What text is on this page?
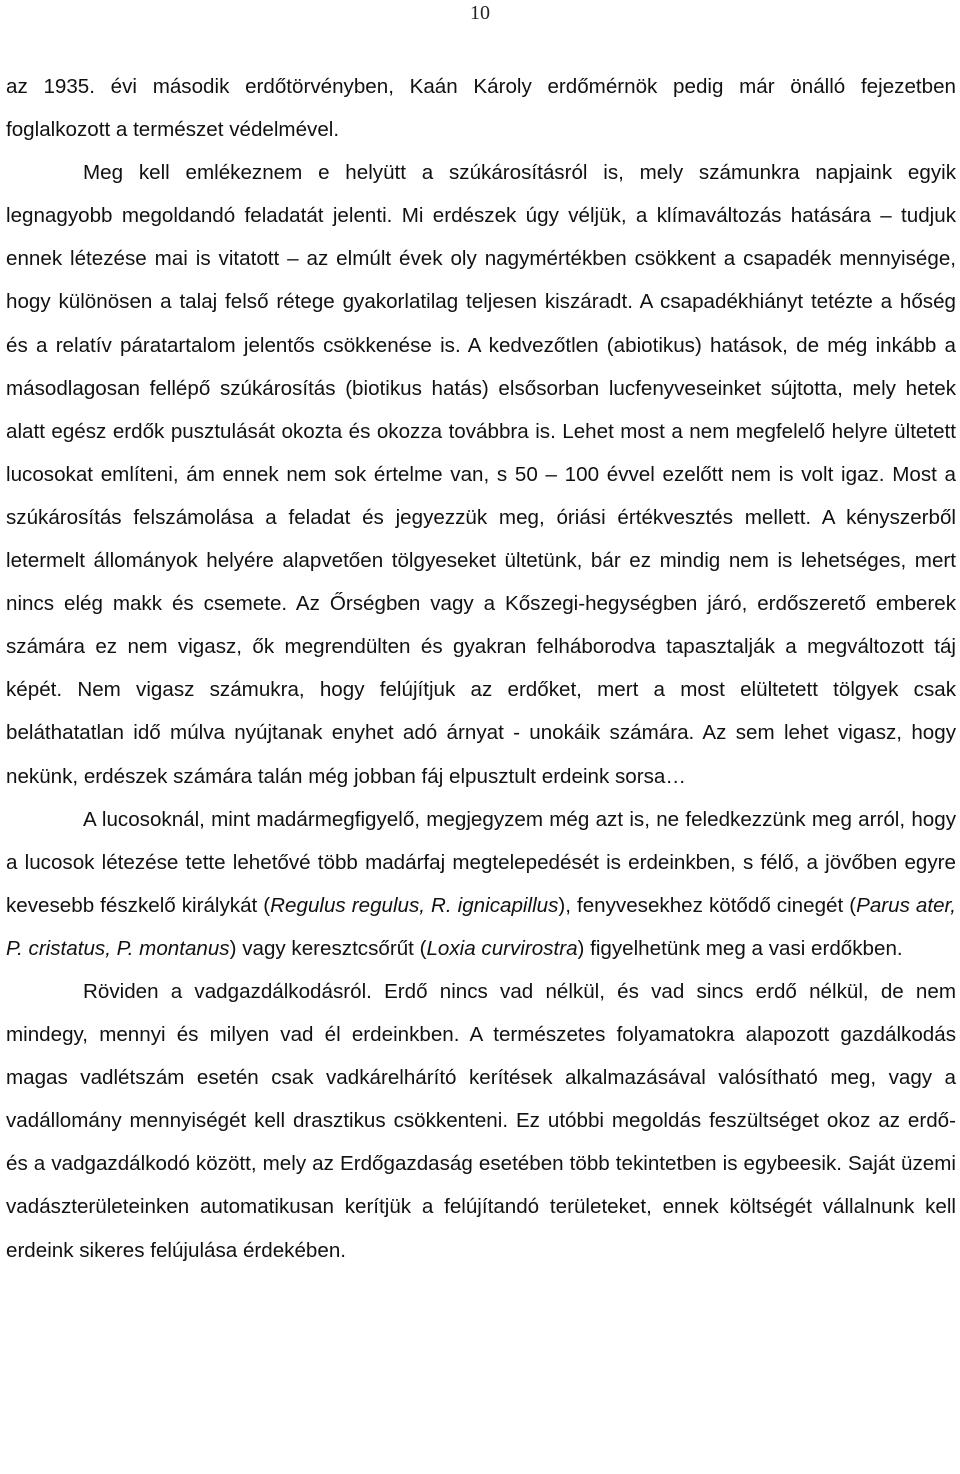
10

az 1935. évi második erdőtörvényben, Kaán Károly erdőmérnök pedig már önálló fejezetben foglalkozott a természet védelmével.

Meg kell emlékeznem e helyütt a szúkárosításról is, mely számunkra napjaink egyik legnagyobb megoldandó feladatát jelenti. Mi erdészek úgy véljük, a klímaváltozás hatására – tudjuk ennek létezése mai is vitatott – az elmúlt évek oly nagymértékben csökkent a csapadék mennyisége, hogy különösen a talaj felső rétege gyakorlatilag teljesen kiszáradt. A csapadékhiányt tetézte a hőség és a relatív páratartalom jelentős csökkenése is. A kedvezőtlen (abiotikus) hatások, de még inkább a másodlagosan fellépő szúkárosítás (biotikus hatás) elsősorban lucfenyveseinket sújtotta, mely hetek alatt egész erdők pusztulását okozta és okozza továbbra is. Lehet most a nem megfelelő helyre ültetett lucosokat említeni, ám ennek nem sok értelme van, s 50 – 100 évvel ezelőtt nem is volt igaz. Most a szúkárosítás felszámolása a feladat és jegyezzük meg, óriási értékvesztés mellett. A kényszerből letermelt állományok helyére alapvetően tölgyeseket ültetünk, bár ez mindig nem is lehetséges, mert nincs elég makk és csemete. Az Őrségben vagy a Kőszegi-hegységben járó, erdőszerető emberek számára ez nem vigasz, ők megrendülten és gyakran felháborodva tapasztalják a megváltozott táj képét. Nem vigasz számukra, hogy felújítjuk az erdőket, mert a most elültetett tölgyek csak beláthatatlan idő múlva nyújtanak enyhet adó árnyat - unokáik számára. Az sem lehet vigasz, hogy nekünk, erdészek számára talán még jobban fáj elpusztult erdeink sorsa…

A lucosoknál, mint madármegfigyelő, megjegyzem még azt is, ne feledkezzünk meg arról, hogy a lucosok létezése tette lehetővé több madárfaj megtelepedését is erdeinkben, s félő, a jövőben egyre kevesebb fészkelő királykát (Regulus regulus, R. ignicapillus), fenyvesekhez kötődő cinegét (Parus ater, P. cristatus, P. montanus) vagy keresztcsőrűt (Loxia curvirostra) figyelhetünk meg a vasi erdőkben.

Röviden a vadgazdálkodásról. Erdő nincs vad nélkül, és vad sincs erdő nélkül, de nem mindegy, mennyi és milyen vad él erdeinkben. A természetes folyamatokra alapozott gazdálkodás magas vadlétszám esetén csak vadkárelhárító kerítések alkalmazásával valósítható meg, vagy a vadállomány mennyiségét kell drasztikus csökkenteni. Ez utóbbi megoldás feszültséget okoz az erdő- és a vadgazdálkodó között, mely az Erdőgazdaság esetében több tekintetben is egybeesik. Saját üzemi vadászterületeinken automatikusan kerítjük a felújítandó területeket, ennek költségét vállalnunk kell erdeink sikeres felújulása érdekében.
